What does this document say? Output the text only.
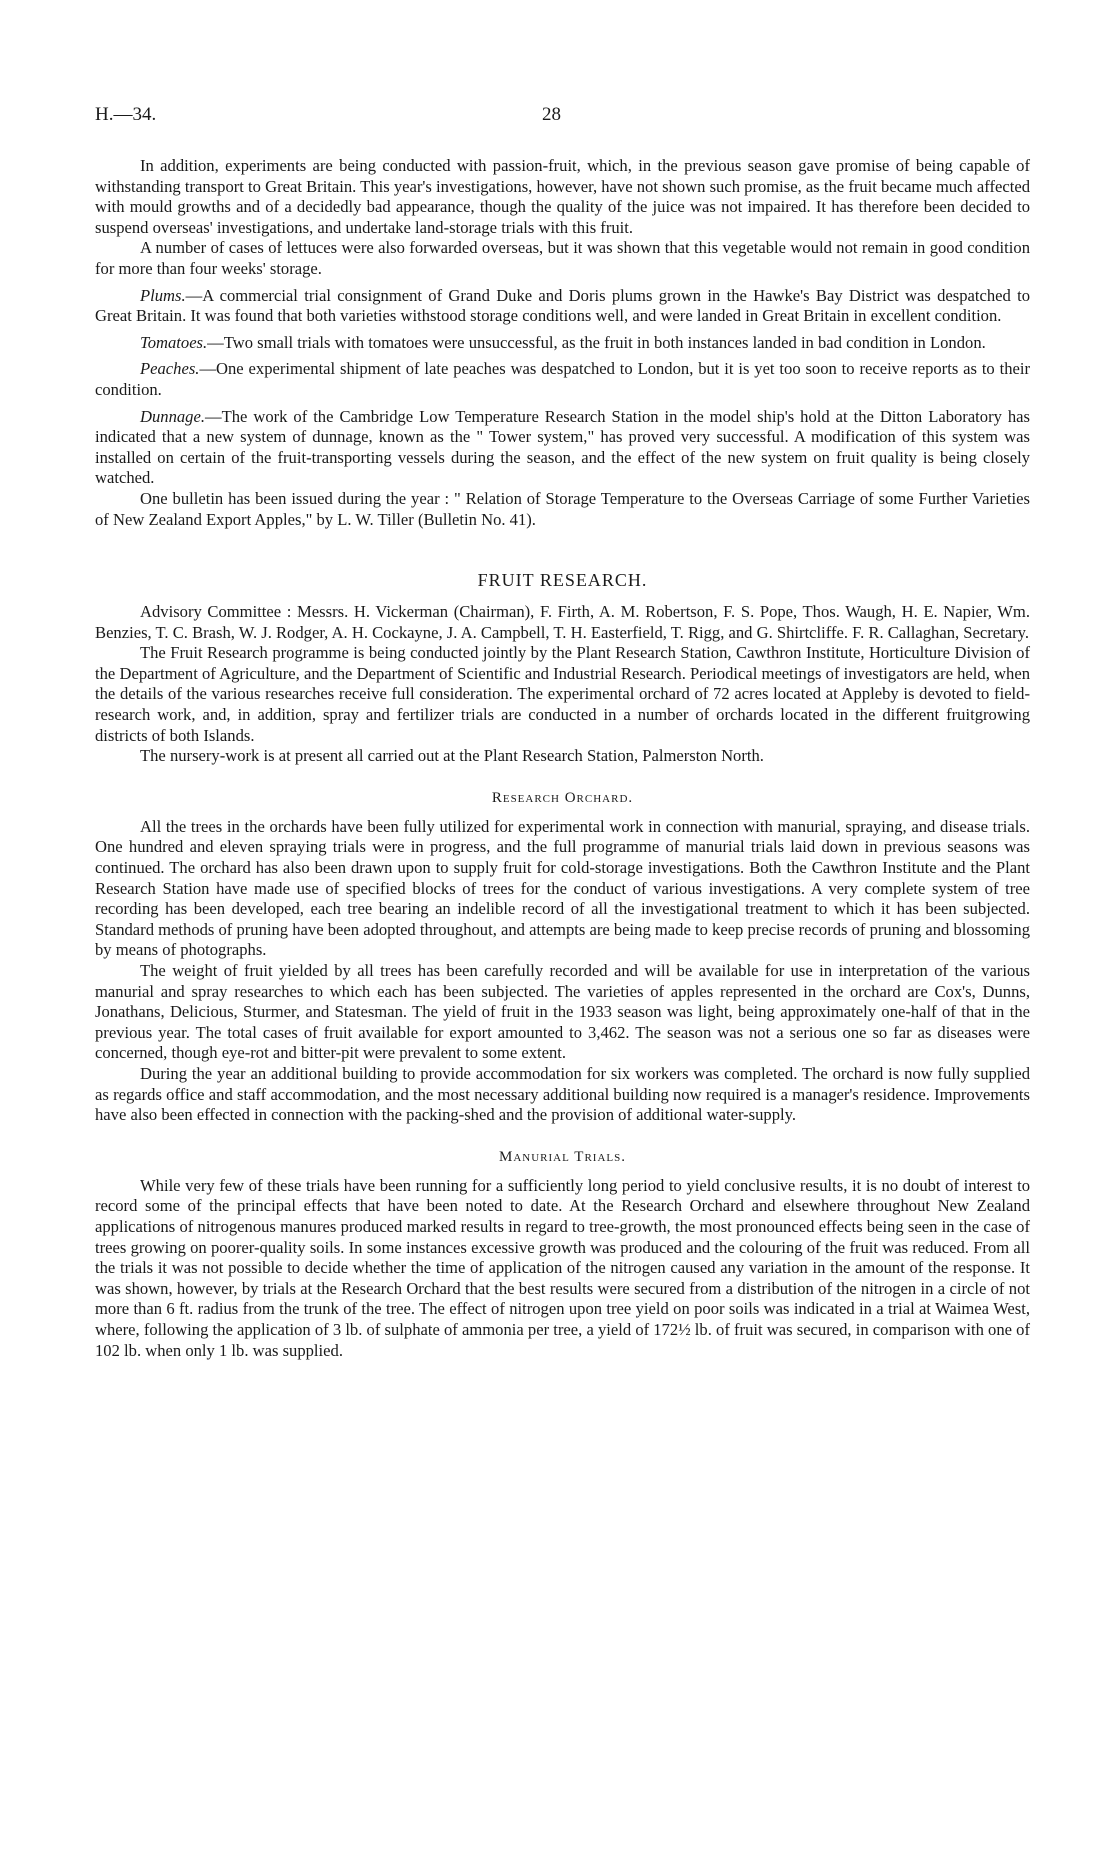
H.—34.	28

In addition, experiments are being conducted with passion-fruit, which, in the previous season gave promise of being capable of withstanding transport to Great Britain. This year's investigations, however, have not shown such promise, as the fruit became much affected with mould growths and of a decidedly bad appearance, though the quality of the juice was not impaired. It has therefore been decided to suspend overseas' investigations, and undertake land-storage trials with this fruit.

A number of cases of lettuces were also forwarded overseas, but it was shown that this vegetable would not remain in good condition for more than four weeks' storage.

Plums.—A commercial trial consignment of Grand Duke and Doris plums grown in the Hawke's Bay District was despatched to Great Britain. It was found that both varieties withstood storage conditions well, and were landed in Great Britain in excellent condition.

Tomatoes.—Two small trials with tomatoes were unsuccessful, as the fruit in both instances landed in bad condition in London.

Peaches.—One experimental shipment of late peaches was despatched to London, but it is yet too soon to receive reports as to their condition.

Dunnage.—The work of the Cambridge Low Temperature Research Station in the model ship's hold at the Ditton Laboratory has indicated that a new system of dunnage, known as the " Tower system," has proved very successful. A modification of this system was installed on certain of the fruit-transporting vessels during the season, and the effect of the new system on fruit quality is being closely watched.

One bulletin has been issued during the year : " Relation of Storage Temperature to the Overseas Carriage of some Further Varieties of New Zealand Export Apples," by L. W. Tiller (Bulletin No. 41).

FRUIT RESEARCH.

Advisory Committee : Messrs. H. Vickerman (Chairman), F. Firth, A. M. Robertson, F. S. Pope, Thos. Waugh, H. E. Napier, Wm. Benzies, T. C. Brash, W. J. Rodger, A. H. Cockayne, J. A. Campbell, T. H. Easterfield, T. Rigg, and G. Shirtcliffe. F. R. Callaghan, Secretary.

The Fruit Research programme is being conducted jointly by the Plant Research Station, Cawthron Institute, Horticulture Division of the Department of Agriculture, and the Department of Scientific and Industrial Research. Periodical meetings of investigators are held, when the details of the various researches receive full consideration. The experimental orchard of 72 acres located at Appleby is devoted to field-research work, and, in addition, spray and fertilizer trials are conducted in a number of orchards located in the different fruitgrowing districts of both Islands.

The nursery-work is at present all carried out at the Plant Research Station, Palmerston North.

Research Orchard.

All the trees in the orchards have been fully utilized for experimental work in connection with manurial, spraying, and disease trials. One hundred and eleven spraying trials were in progress, and the full programme of manurial trials laid down in previous seasons was continued. The orchard has also been drawn upon to supply fruit for cold-storage investigations. Both the Cawthron Institute and the Plant Research Station have made use of specified blocks of trees for the conduct of various investigations. A very complete system of tree recording has been developed, each tree bearing an indelible record of all the investigational treatment to which it has been subjected. Standard methods of pruning have been adopted throughout, and attempts are being made to keep precise records of pruning and blossoming by means of photographs.

The weight of fruit yielded by all trees has been carefully recorded and will be available for use in interpretation of the various manurial and spray researches to which each has been subjected. The varieties of apples represented in the orchard are Cox's, Dunns, Jonathans, Delicious, Sturmer, and Statesman. The yield of fruit in the 1933 season was light, being approximately one-half of that in the previous year. The total cases of fruit available for export amounted to 3,462. The season was not a serious one so far as diseases were concerned, though eye-rot and bitter-pit were prevalent to some extent.

During the year an additional building to provide accommodation for six workers was completed. The orchard is now fully supplied as regards office and staff accommodation, and the most necessary additional building now required is a manager's residence. Improvements have also been effected in connection with the packing-shed and the provision of additional water-supply.

Manurial Trials.

While very few of these trials have been running for a sufficiently long period to yield conclusive results, it is no doubt of interest to record some of the principal effects that have been noted to date. At the Research Orchard and elsewhere throughout New Zealand applications of nitrogenous manures produced marked results in regard to tree-growth, the most pronounced effects being seen in the case of trees growing on poorer-quality soils. In some instances excessive growth was produced and the colouring of the fruit was reduced. From all the trials it was not possible to decide whether the time of application of the nitrogen caused any variation in the amount of the response. It was shown, however, by trials at the Research Orchard that the best results were secured from a distribution of the nitrogen in a circle of not more than 6 ft. radius from the trunk of the tree. The effect of nitrogen upon tree yield on poor soils was indicated in a trial at Waimea West, where, following the application of 3 lb. of sulphate of ammonia per tree, a yield of 172½ lb. of fruit was secured, in comparison with one of 102 lb. when only 1 lb. was supplied.
